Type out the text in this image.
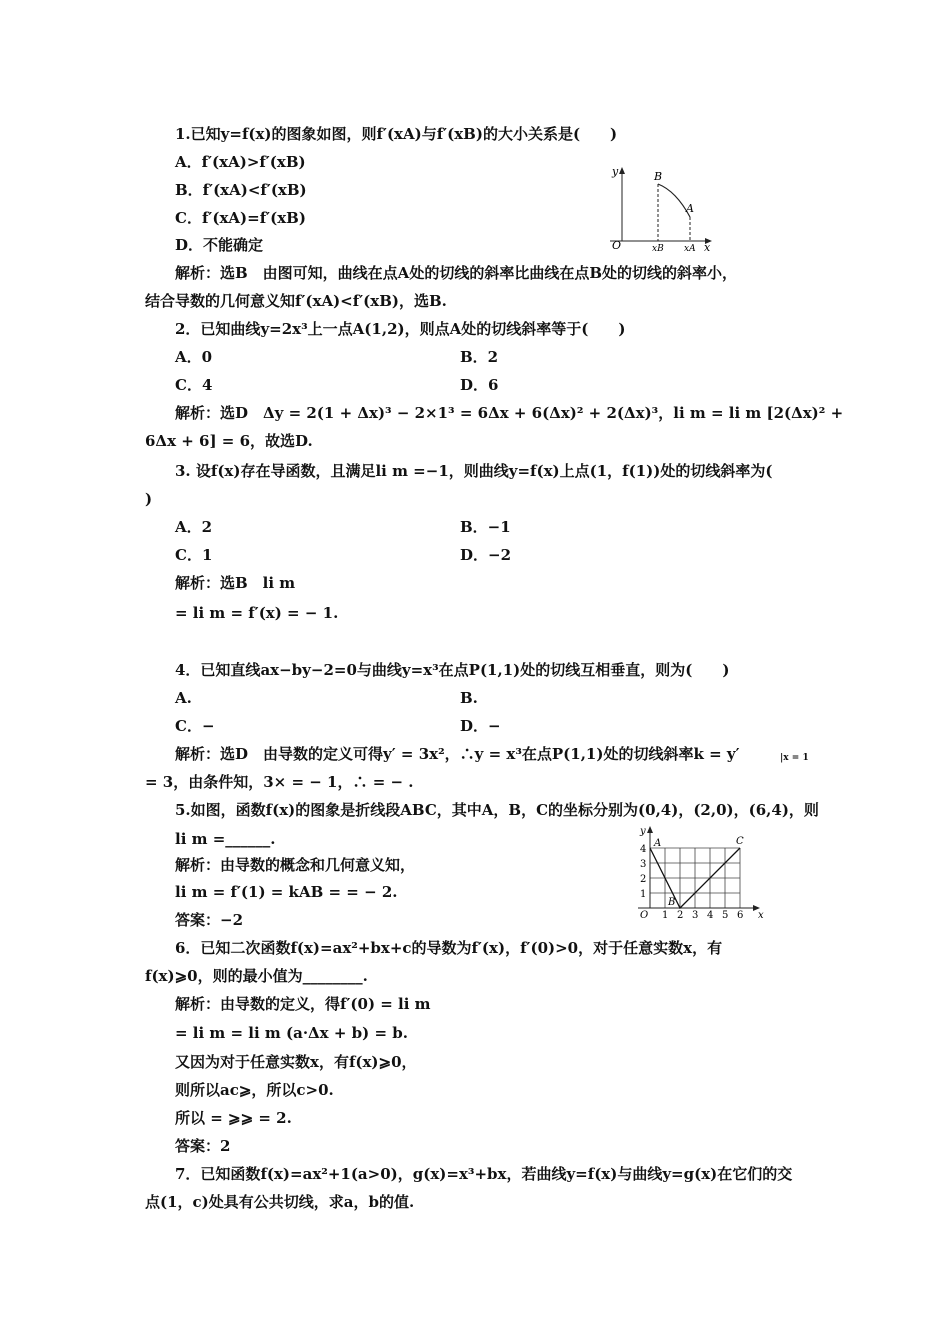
1.已知y=f(x)的图象如图，则f′(xA)与f′(xB)的大小关系是(　　)
A．f′(xA)>f′(xB)
B．f′(xA)<f′(xB)
C．f′(xA)=f′(xB)
D．不能确定
y	B
A
O	xB xA x
解析：选B　由图可知，曲线在点A处的切线的斜率比曲线在点B处的切线的斜率小，
结合导数的几何意义知f′(xA)<f′(xB)，选B.
2．已知曲线y=2x³上一点A(1,2)，则点A处的切线斜率等于(　　)
A．0	B．2
C．4	D．6
解析：选D　Δy = 2(1 + Δx)³ − 2×1³ = 6Δx + 6(Δx)² + 2(Δx)³，li m = li m [2(Δx)² +
6Δx + 6] = 6，故选D.
3. 设f(x)存在导函数，且满足li m =−1，则曲线y=f(x)上点(1，f(1))处的切线斜率为(
)
A．2	B．−1
C．1	D．−2
解析：选B　li m
= li m = f′(x) = − 1.
4．已知直线ax−by−2=0与曲线y=x³在点P(1,1)处的切线互相垂直，则为(　　)
A.	B.
C．−	D．−
解析：选D　由导数的定义可得y′ = 3x²，∴y = x³在点P(1,1)处的切线斜率k = y′	|x = 1
= 3，由条件知，3× = − 1，∴ = − .
5.如图，函数f(x)的图象是折线段ABC，其中A，B，C的坐标分别为(0,4)，(2,0)，(6,4)，则
li m =______.	y
A
B
C
O	x
4
3
2
1
1 2 3 4 5 6
解析：由导数的概念和几何意义知，
li m = f′(1) = kAB = = − 2.
答案：−2
6．已知二次函数f(x)=ax²+bx+c的导数为f′(x)，f′(0)>0，对于任意实数x，有
f(x)⩾0，则的最小值为________.
解析：由导数的定义，得f′(0) = li m
= li m = li m (a·Δx + b) = b.
又因为对于任意实数x，有f(x)⩾0，
则所以ac⩾，所以c>0.
所以 = ⩾⩾ = 2.
答案：2
7．已知函数f(x)=ax²+1(a>0)，g(x)=x³+bx，若曲线y=f(x)与曲线y=g(x)在它们的交
点(1，c)处具有公共切线，求a，b的值.
